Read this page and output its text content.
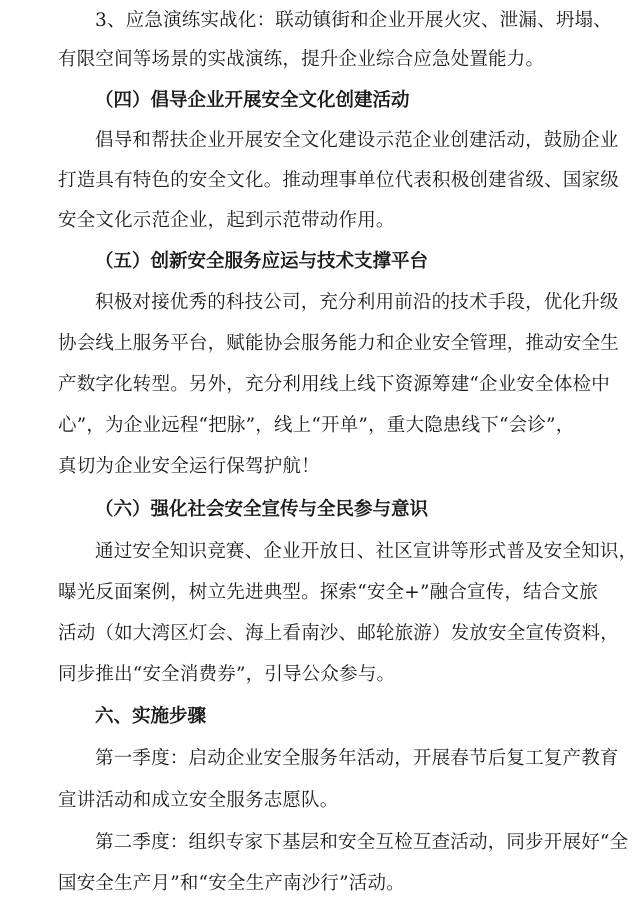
3、应急演练实战化：联动镇街和企业开展火灾、泄漏、坍塌、
有限空间等场景的实战演练，提升企业综合应急处置能力。
（四）倡导企业开展安全文化创建活动
倡导和帮扶企业开展安全文化建设示范企业创建活动，鼓励企业
打造具有特色的安全文化。推动理事单位代表积极创建省级、国家级
安全文化示范企业，起到示范带动作用。
（五）创新安全服务应运与技术支撑平台
积极对接优秀的科技公司，充分利用前沿的技术手段，优化升级
协会线上服务平台，赋能协会服务能力和企业安全管理，推动安全生
产数字化转型。另外，充分利用线上线下资源筹建“企业安全体检中
心”，为企业远程“把脉”，线上“开单”，重大隐患线下“会诊”，
真切为企业安全运行保驾护航！
（六）强化社会安全宣传与全民参与意识
通过安全知识竞赛、企业开放日、社区宣讲等形式普及安全知识，
曝光反面案例，树立先进典型。探索“安全+”融合宣传，结合文旅
活动（如大湾区灯会、海上看南沙、邮轮旅游）发放安全宣传资料，
同步推出“安全消费券”，引导公众参与。
六、实施步骤
第一季度：启动企业安全服务年活动，开展春节后复工复产教育
宣讲活动和成立安全服务志愿队。
第二季度：组织专家下基层和安全互检互查活动，同步开展好“全
国安全生产月”和“安全生产南沙行”活动。
